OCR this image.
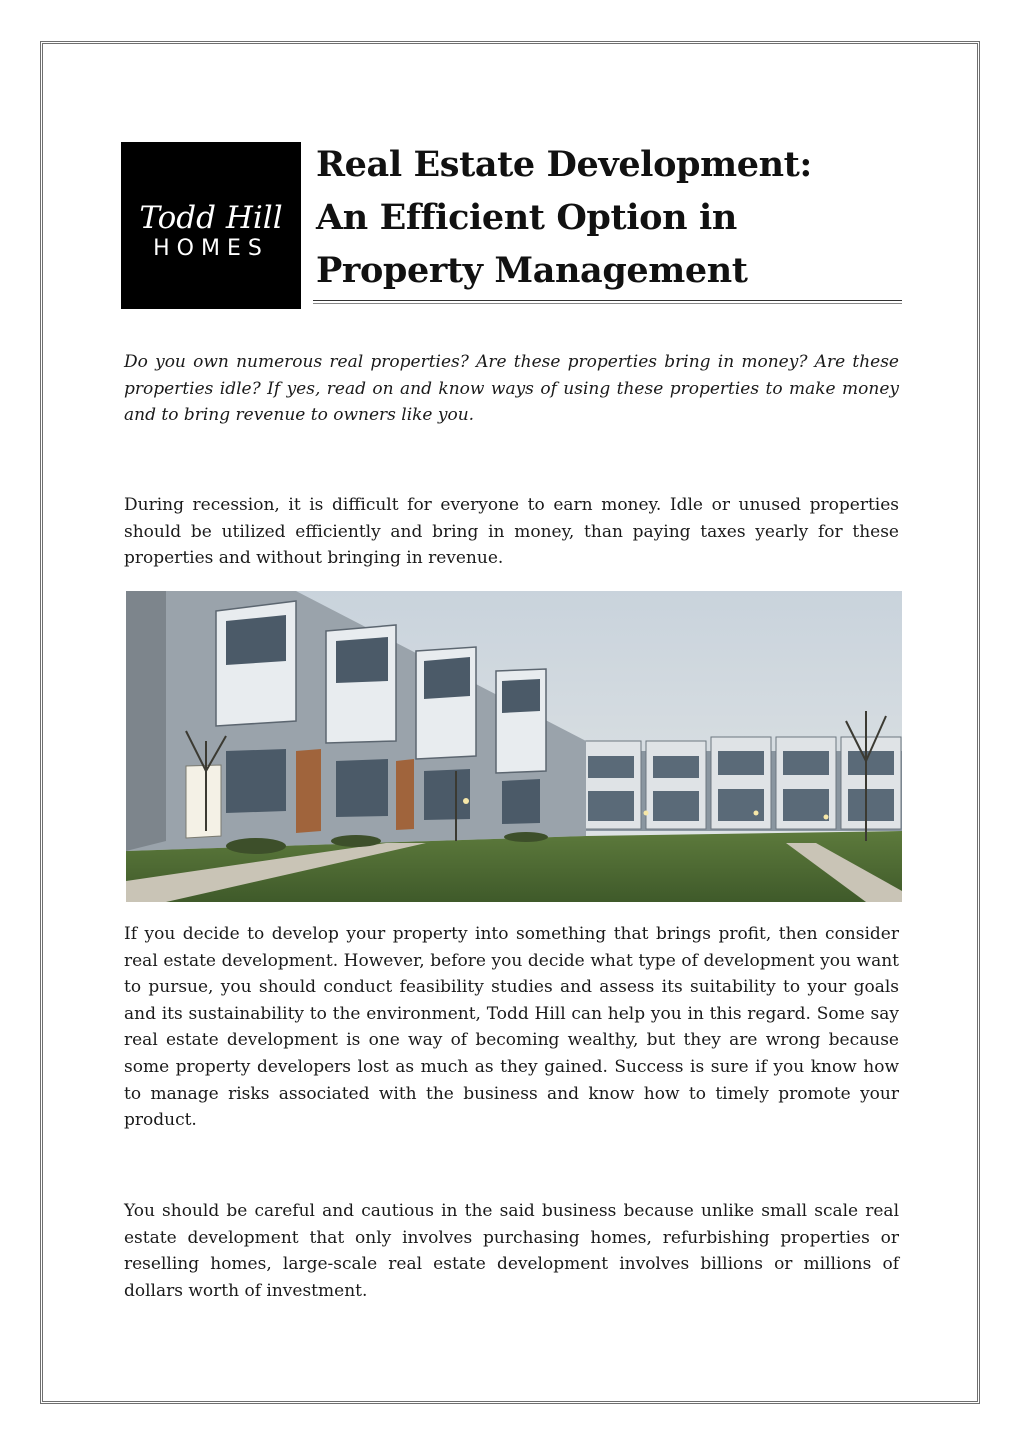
Todd Hill
HOMES
Real Estate Development:
An Efficient Option in
Property Management

Do you own numerous real properties? Are these properties bring in money? Are these properties idle? If yes, read on and know ways of using these properties to make money and to bring revenue to owners like you.

During recession, it is difficult for everyone to earn money. Idle or unused properties should be utilized efficiently and bring in money, than paying taxes yearly for these properties and without bringing in revenue.

If you decide to develop your property into something that brings profit, then consider real estate development. However, before you decide what type of development you want to pursue, you should conduct feasibility studies and assess its suitability to your goals and its sustainability to the environment, Todd Hill can help you in this regard. Some say real estate development is one way of becoming wealthy, but they are wrong because some property developers lost as much as they gained. Success is sure if you know how to manage risks associated with the business and know how to timely promote your product.

You should be careful and cautious in the said business because unlike small scale real estate development that only involves purchasing homes, refurbishing properties or reselling homes, large-scale real estate development involves billions or millions of dollars worth of investment.
